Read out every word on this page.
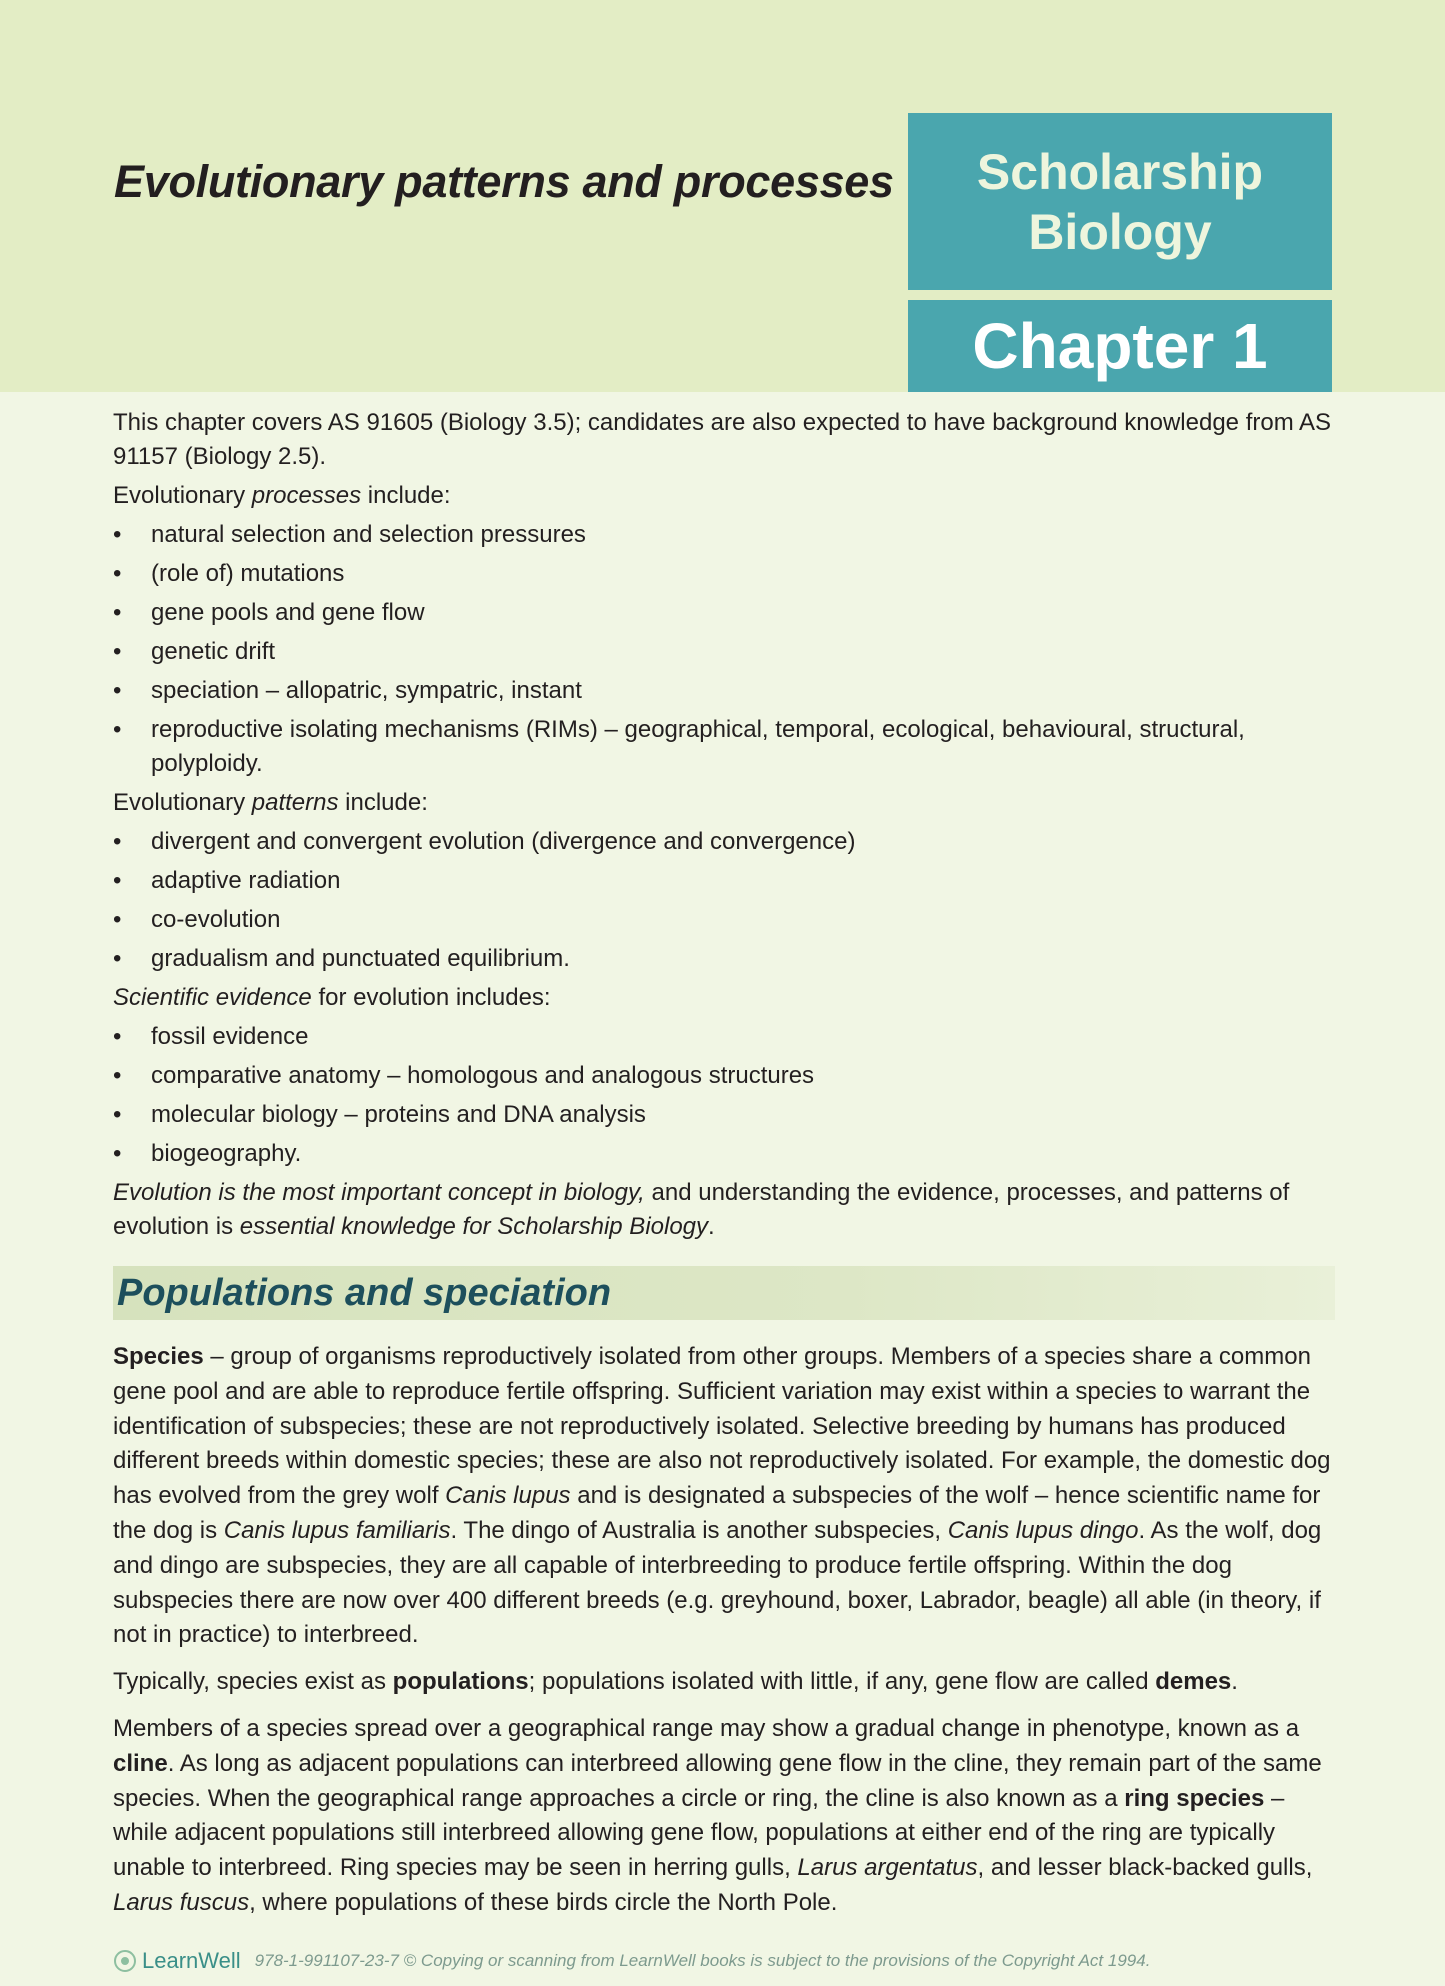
Evolutionary patterns and processes Scholarship
Biology
Chapter 1

This chapter covers AS 91605 (Biology 3.5); candidates are also expected to have background knowledge from AS 91157 (Biology 2.5).

Evolutionary processes include:

• natural selection and selection pressures
• (role of) mutations
• gene pools and gene flow
• genetic drift
• speciation – allopatric, sympatric, instant
• reproductive isolating mechanisms (RIMs) – geographical, temporal, ecological, behavioural, structural, polyploidy.

Evolutionary patterns include:

• divergent and convergent evolution (divergence and convergence)
• adaptive radiation
• co-evolution
• gradualism and punctuated equilibrium.

Scientific evidence for evolution includes:

• fossil evidence
• comparative anatomy – homologous and analogous structures
• molecular biology – proteins and DNA analysis
• biogeography.

Evolution is the most important concept in biology, and understanding the evidence, processes, and patterns of evolution is essential knowledge for Scholarship Biology.

Populations and speciation

Species – group of organisms reproductively isolated from other groups. Members of a species share a common gene pool and are able to reproduce fertile offspring. Sufficient variation may exist within a species to warrant the identification of subspecies; these are not reproductively isolated. Selective breeding by humans has produced different breeds within domestic species; these are also not reproductively isolated. For example, the domestic dog has evolved from the grey wolf Canis lupus and is designated a subspecies of the wolf – hence scientific name for the dog is Canis lupus familiaris. The dingo of Australia is another subspecies, Canis lupus dingo. As the wolf, dog and dingo are subspecies, they are all capable of interbreeding to produce fertile offspring. Within the dog subspecies there are now over 400 different breeds (e.g. greyhound, boxer, Labrador, beagle) all able (in theory, if not in practice) to interbreed.

Typically, species exist as populations; populations isolated with little, if any, gene flow are called demes.

Members of a species spread over a geographical range may show a gradual change in phenotype, known as a cline. As long as adjacent populations can interbreed allowing gene flow in the cline, they remain part of the same species. When the geographical range approaches a circle or ring, the cline is also known as a ring species – while adjacent populations still interbreed allowing gene flow, populations at either end of the ring are typically unable to interbreed. Ring species may be seen in herring gulls, Larus argentatus, and lesser black-backed gulls, Larus fuscus, where populations of these birds circle the North Pole.

LearnWell 978-1-991107-23-7 © Copying or scanning from LearnWell books is subject to the provisions of the Copyright Act 1994.
